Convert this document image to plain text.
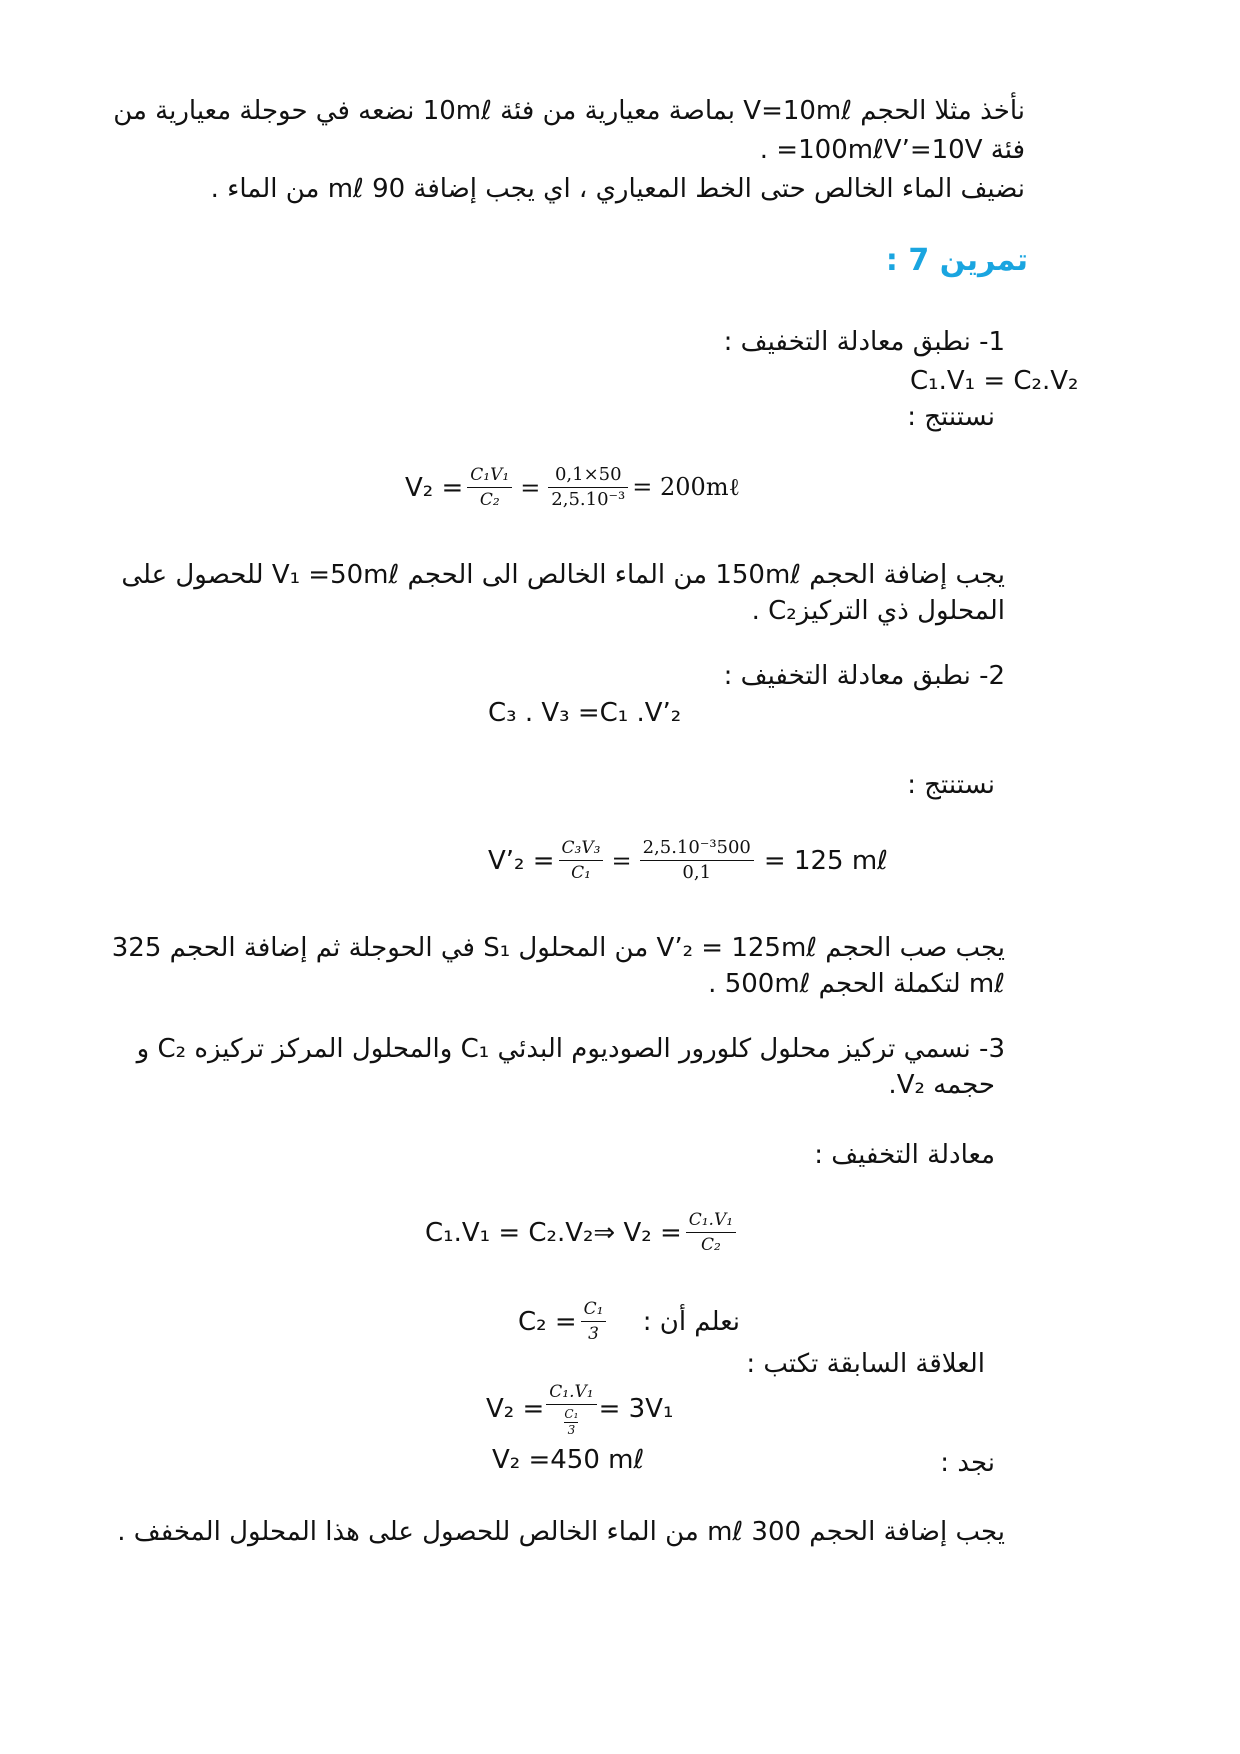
نأخذ مثلا الحجم V=10mℓ بماصة معيارية من فئة 10mℓ نضعه في حوجلة معيارية من
فئة 100mℓV’=10V= .
نضيف الماء الخالص حتى الخط المعياري ، اي يجب إضافة 90 mℓ من الماء .
تمرين 7 :
1- نطبق معادلة التخفيف :
C₁.V₁ = C₂.V₂
نستنتج :
$V_2 = \frac{\text{C₁V₁}}{\text{C₂}} = \frac{0,1\times 50}{\text{2,5.10⁻³}}$ = 200mℓ
يجب إضافة الحجم 150mℓ من الماء الخالص الى الحجم V₁ =50mℓ للحصول على
المحلول ذي التركيزC₂ .
2- نطبق معادلة التخفيف :
C₃ . V₃ =C₁ .V’₂
نستنتج :
V’₂ = $\frac{\text{C₃V₃}}{\text{C₁}} = \frac{\text{2,5.10⁻³500}}{0,1} = 125$ mℓ
يجب صب الحجم V’₂ = 125mℓ من المحلول S₁ في الحوجلة ثم إضافة الحجم 325
mℓ لتكملة الحجم 500mℓ .
3- نسمي تركيز محلول كلورور الصوديوم البدئي C₁ والمحلول المركز تركيزه C₂ و
حجمه V₂.
معادلة التخفيف :
C₁.V₁ = C₂.V₂⇒ $V_2 = \frac{\text{C₁.V₁}}{\text{C₂}}$
نعلم أن :
$C_2 = \frac{\text{C₁}}{3}$
العلاقة السابقة تكتب :
$V_2 = \frac{\text{C₁.V₁}}{\frac{\text{C₁}}{3}} = 3V_1$
V₂ =450 mℓ	نجد :
يجب إضافة الحجم 300 mℓ من الماء الخالص للحصول على هذا المحلول المخفف .
